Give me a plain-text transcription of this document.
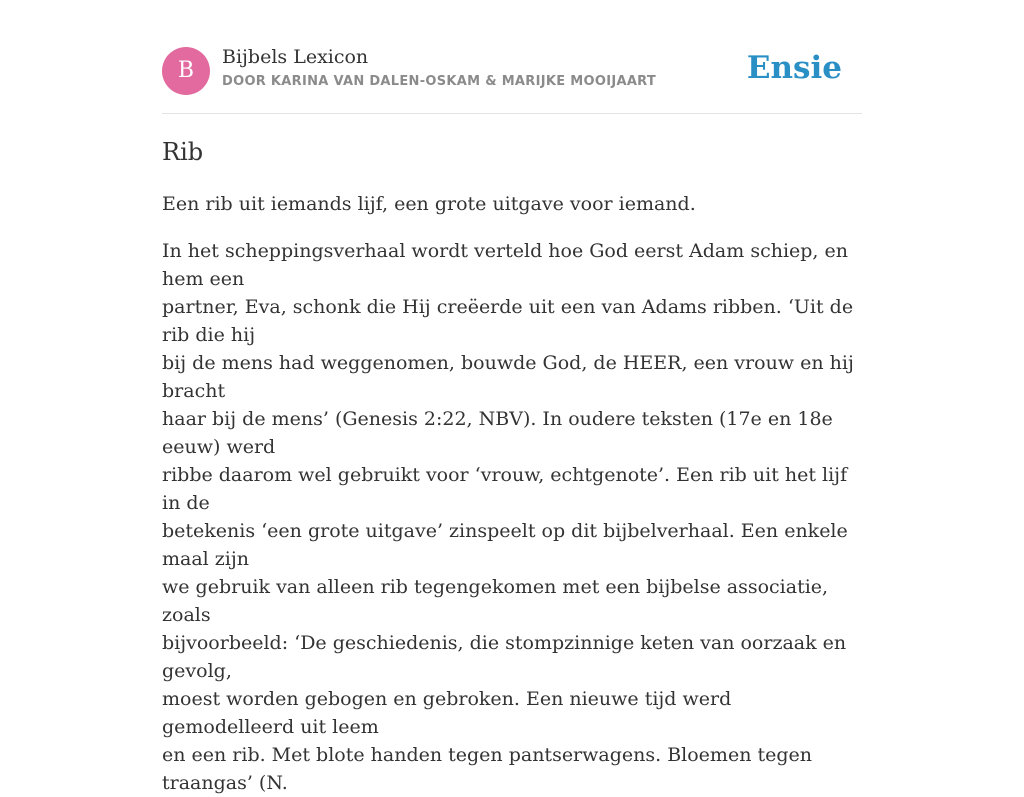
B
Bijbels Lexicon
DOOR KARINA VAN DALEN-OSKAM & MARIJKE MOOIJAART	Ensie
Rib

Een rib uit iemands lijf, een grote uitgave voor iemand.

In het scheppingsverhaal wordt verteld hoe God eerst Adam schiep, en hem een
partner, Eva, schonk die Hij creëerde uit een van Adams ribben. ‘Uit de rib die hij
bij de mens had weggenomen, bouwde God, de HEER, een vrouw en hij bracht
haar bij de mens’ (Genesis 2:22, NBV). In oudere teksten (17e en 18e eeuw) werd
ribbe daarom wel gebruikt voor ‘vrouw, echtgenote’. Een rib uit het lijf in de
betekenis ‘een grote uitgave’ zinspeelt op dit bijbelverhaal. Een enkele maal zijn
we gebruik van alleen rib tegengekomen met een bijbelse associatie, zoals
bijvoorbeeld: ‘De geschiedenis, die stompzinnige keten van oorzaak en gevolg,
moest worden gebogen en gebroken. Een nieuwe tijd werd gemodelleerd uit leem
en een rib. Met blote handen tegen pantserwagens. Bloemen tegen traangas’ (N.
